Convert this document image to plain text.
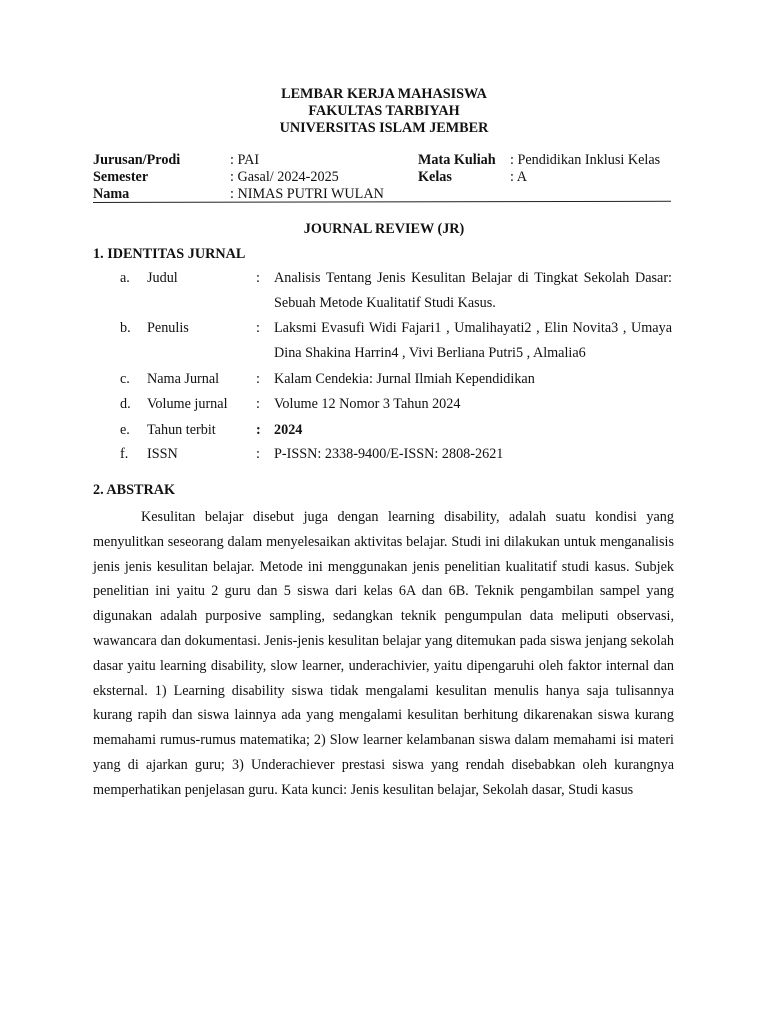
LEMBAR KERJA MAHASISWA
FAKULTAS TARBIYAH
UNIVERSITAS ISLAM JEMBER
Jurusan/Prodi	: PAI	Mata Kuliah : Pendidikan Inklusi Kelas
Semester	: Gasal/ 2024-2025	Kelas	: A
Nama	: NIMAS PUTRI WULAN
JOURNAL REVIEW (JR)
1. IDENTITAS JURNAL
a. Judul	: Analisis Tentang Jenis Kesulitan Belajar di Tingkat Sekolah Dasar: Sebuah Metode Kualitatif Studi Kasus.
b. Penulis	: Laksmi Evasufi Widi Fajari1 , Umalihayati2 , Elin Novita3 , Umaya Dina Shakina Harrin4 , Vivi Berliana Putri5 , Almalia6
c. Nama Jurnal	: Kalam Cendekia: Jurnal Ilmiah Kependidikan
d. Volume jurnal : Volume 12 Nomor 3 Tahun 2024
e. Tahun terbit	: 2024
f. ISSN	: P-ISSN: 2338-9400/E-ISSN: 2808-2621
2. ABSTRAK
Kesulitan belajar disebut juga dengan learning disability, adalah suatu kondisi yang menyulitkan seseorang dalam menyelesaikan aktivitas belajar. Studi ini dilakukan untuk menganalisis jenis jenis kesulitan belajar. Metode ini menggunakan jenis penelitian kualitatif studi kasus. Subjek penelitian ini yaitu 2 guru dan 5 siswa dari kelas 6A dan 6B. Teknik pengambilan sampel yang digunakan adalah purposive sampling, sedangkan teknik pengumpulan data meliputi observasi, wawancara dan dokumentasi. Jenis-jenis kesulitan belajar yang ditemukan pada siswa jenjang sekolah dasar yaitu learning disability, slow learner, underachivier, yaitu dipengaruhi oleh faktor internal dan eksternal. 1) Learning disability siswa tidak mengalami kesulitan menulis hanya saja tulisannya kurang rapih dan siswa lainnya ada yang mengalami kesulitan berhitung dikarenakan siswa kurang memahami rumus-rumus matematika; 2) Slow learner kelambanan siswa dalam memahami isi materi yang di ajarkan guru; 3) Underachiever prestasi siswa yang rendah disebabkan oleh kurangnya memperhatikan penjelasan guru. Kata kunci: Jenis kesulitan belajar, Sekolah dasar, Studi kasus
